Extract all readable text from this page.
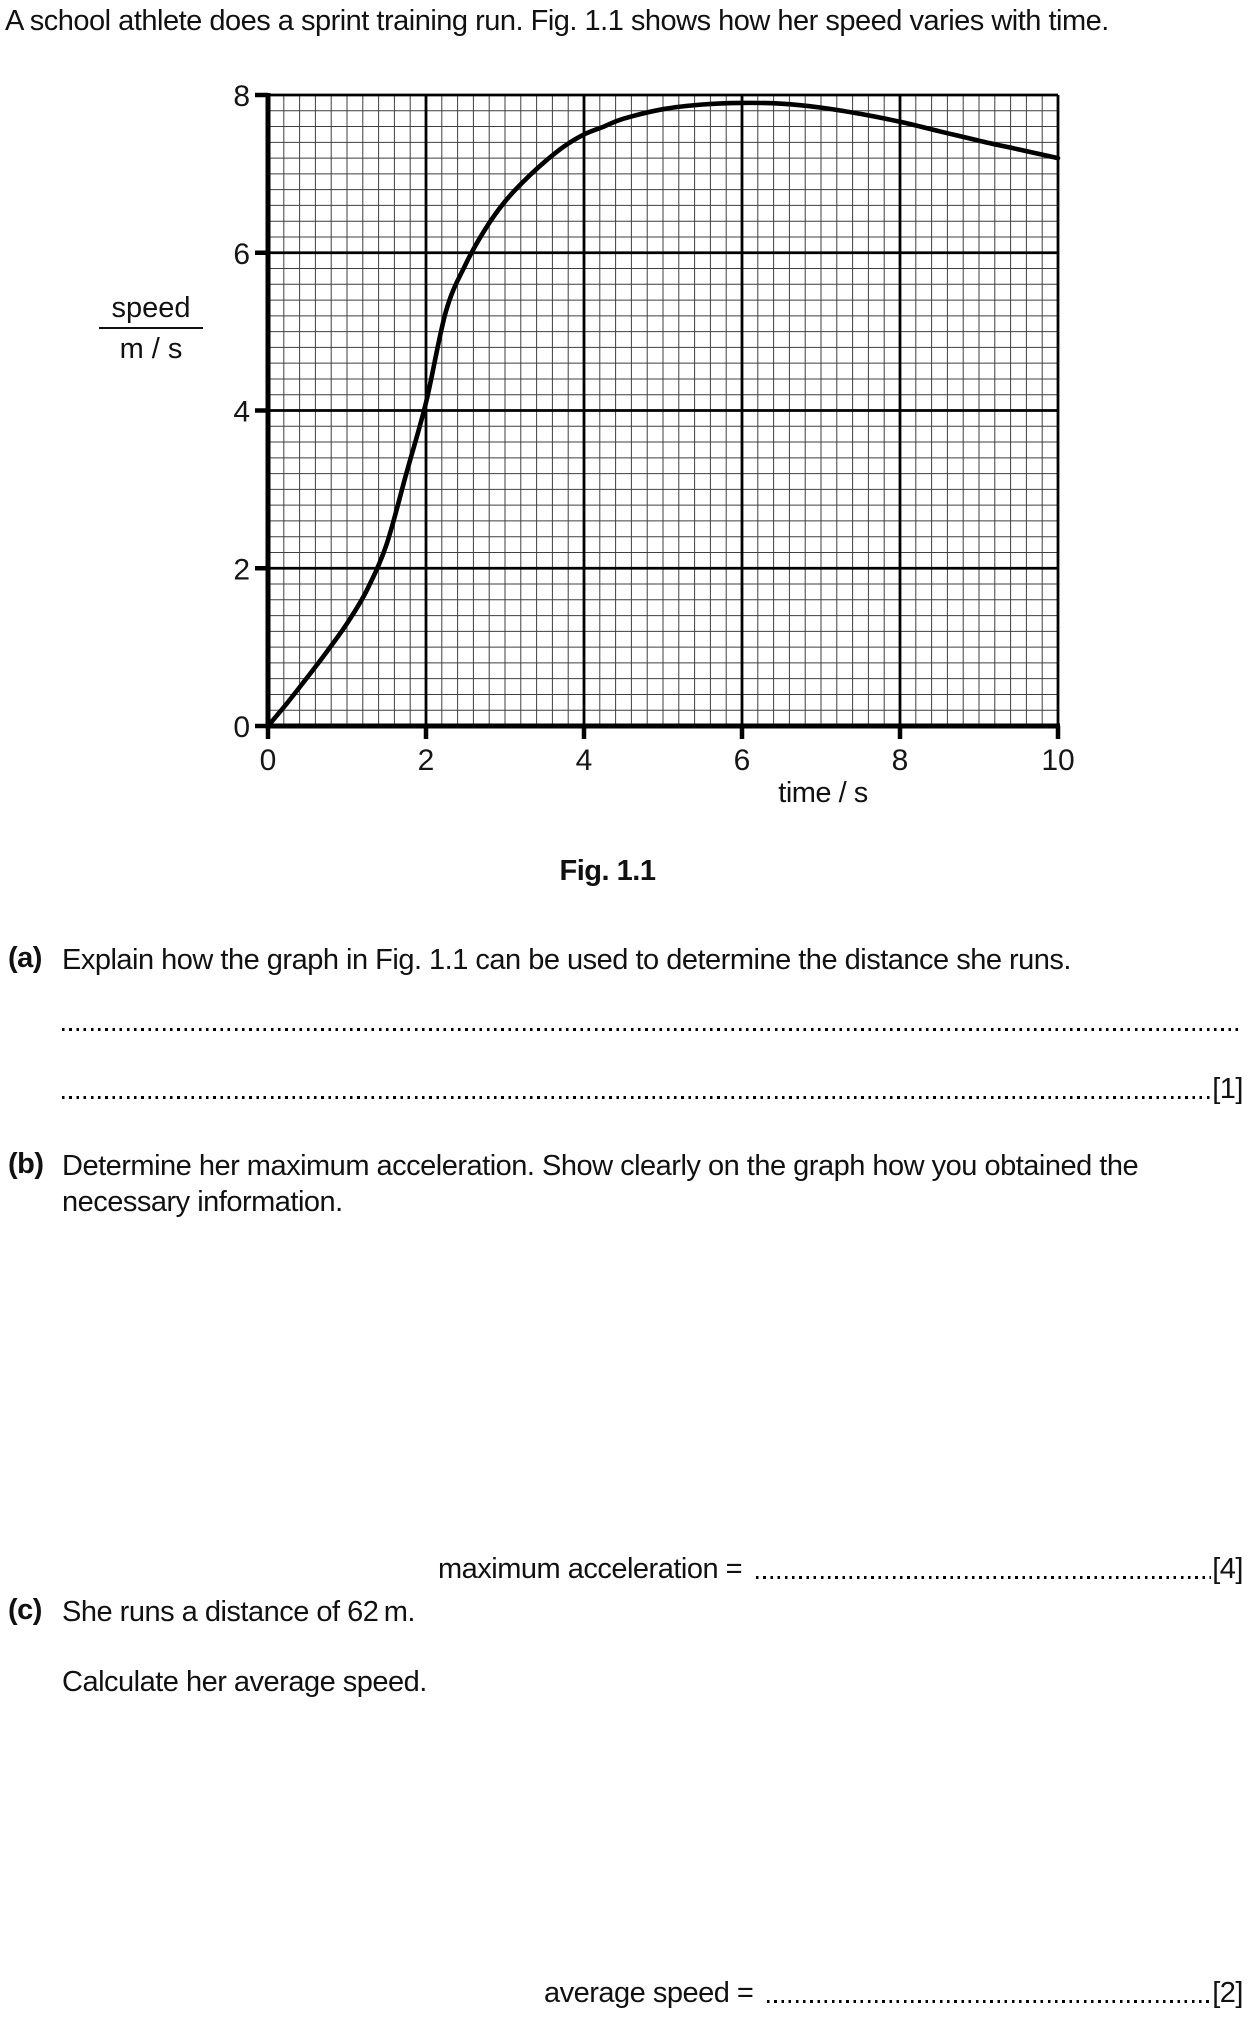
A school athlete does a sprint training run. Fig. 1.1 shows how her speed varies with time.
0
2
4
6
8
0	2	4	6	8	10
speed
m / s
time / s
Fig. 1.1
(a) Explain how the graph in Fig. 1.1 can be used to determine the distance she runs.
[1]
(b) Determine her maximum acceleration. Show clearly on the graph how you obtained the
necessary information.
maximum acceleration =	[4]
(c) She runs a distance of 62 m.
Calculate her average speed.
average speed =	[2]
